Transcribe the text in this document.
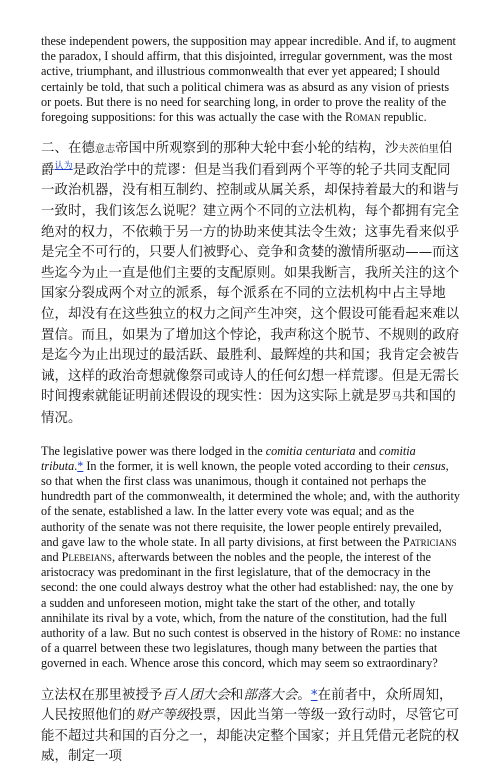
these independent powers, the supposition may appear incredible. And if, to augment the paradox, I should affirm, that this disjointed, irregular government, was the most active, triumphant, and illustrious commonwealth that ever yet appeared; I should certainly be told, that such a political chimera was as absurd as any vision of priests or poets. But there is no need for searching long, in order to prove the reality of the foregoing suppositions: for this was actually the case with the Roman republic.

二、在德意志帝国中所观察到的那种大轮中套小轮的结构，沙夫茨伯里伯爵$^{认为}$是政治学中的荒谬：但是当我们看到两个平等的轮子共同支配同一政治机器，没有相互制约、控制或从属关系，却保持着最大的和谐与一致时，我们该怎么说呢？建立两个不同的立法机构，每个都拥有完全绝对的权力，不依赖于另一方的协助来使其法令生效；这事先看来似乎是完全不可行的，只要人们被野心、竞争和贪婪的激情所驱动——而这些迄今为止一直是他们主要的支配原则。如果我断言，我所关注的这个国家分裂成两个对立的派系，每个派系在不同的立法机构中占主导地位，却没有在这些独立的权力之间产生冲突，这个假设可能看起来难以置信。而且，如果为了增加这个悖论，我声称这个脱节、不规则的政府是迄今为止出现过的最活跃、最胜利、最辉煌的共和国；我肯定会被告诫，这样的政治奇想就像祭司或诗人的任何幻想一样荒谬。但是无需长时间搜索就能证明前述假设的现实性：因为这实际上就是罗马共和国的情况。

The legislative power was there lodged in the comitia centuriata and comitia tributa.* In the former, it is well known, the people voted according to their census, so that when the first class was unanimous, though it contained not perhaps the hundredth part of the commonwealth, it determined the whole; and, with the authority of the senate, established a law. In the latter every vote was equal; and as the authority of the senate was not there requisite, the lower people entirely prevailed, and gave law to the whole state. In all party divisions, at first between the Patricians and Plebeians, afterwards between the nobles and the people, the interest of the aristocracy was predominant in the first legislature, that of the democracy in the second: the one could always destroy what the other had established: nay, the one by a sudden and unforeseen motion, might take the start of the other, and totally annihilate its rival by a vote, which, from the nature of the constitution, had the full authority of a law. But no such contest is observed in the history of Rome: no instance of a quarrel between these two legislatures, though many between the parties that governed in each. Whence arose this concord, which may seem so extraordinary?

立法权在那里被授予百人团大会和部落大会。*在前者中，众所周知，人民按照他们的财产等级投票，因此当第一等级一致行动时，尽管它可能不超过共和国的百分之一，却能决定整个国家；并且凭借元老院的权威，制定一项
